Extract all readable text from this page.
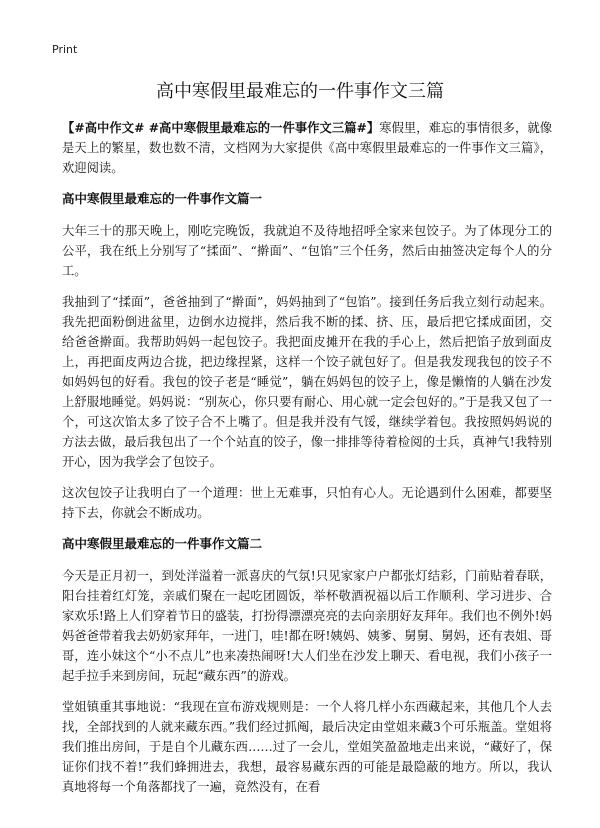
Print
高中寒假里最难忘的一件事作文三篇

【#高中作文# #高中寒假里最难忘的一件事作文三篇#】寒假里，难忘的事情很多，就像是天上的繁星，数也数不清，文档网为大家提供《高中寒假里最难忘的一件事作文三篇》，欢迎阅读。

高中寒假里最难忘的一件事作文篇一

大年三十的那天晚上，刚吃完晚饭，我就迫不及待地招呼全家来包饺子。为了体现分工的公平，我在纸上分别写了“揉面”、“擀面”、“包馅”三个任务，然后由抽签决定每个人的分工。

我抽到了“揉面”，爸爸抽到了“擀面”，妈妈抽到了“包馅”。接到任务后我立刻行动起来。我先把面粉倒进盆里，边倒水边搅拌，然后我不断的揉、挤、压，最后把它揉成面团，交给爸爸擀面。我帮助妈妈一起包饺子。我把面皮摊开在我的手心上，然后把馅子放到面皮上，再把面皮两边合拢，把边缘捏紧，这样一个饺子就包好了。但是我发现我包的饺子不如妈妈包的好看。我包的饺子老是“睡觉”，躺在妈妈包的饺子上，像是懒惰的人躺在沙发上舒服地睡觉。妈妈说：“别灰心，你只要有耐心、用心就一定会包好的。”于是我又包了一个，可这次馅太多了饺子合不上嘴了。但是我并没有气馁，继续学着包。我按照妈妈说的方法去做，最后我包出了一个个站直的饺子，像一排排等待着检阅的士兵，真神气!我特别开心，因为我学会了包饺子。

这次包饺子让我明白了一个道理：世上无难事，只怕有心人。无论遇到什么困难，都要坚持下去，你就会不断成功。

高中寒假里最难忘的一件事作文篇二

今天是正月初一，到处洋溢着一派喜庆的气氛!只见家家户户都张灯结彩，门前贴着春联，阳台挂着红灯笼，亲戚们聚在一起吃团圆饭，举杯敬酒祝福以后工作顺利、学习进步、合家欢乐!路上人们穿着节日的盛装，打扮得漂漂亮亮的去向亲朋好友拜年。我们也不例外!妈妈爸爸带着我去奶奶家拜年，一进门，哇!都在呀!姨妈、姨爹、舅舅、舅妈，还有表姐、哥哥，连小妹这个“小不点儿”也来凑热闹呀!大人们坐在沙发上聊天、看电视，我们小孩子一起手拉手来到房间，玩起“藏东西”的游戏。

堂姐镇重其事地说：“我现在宣布游戏规则是：一个人将几样小东西藏起来，其他几个人去找，全部找到的人就来藏东西。”我们经过抓阄，最后决定由堂姐来藏3个可乐瓶盖。堂姐将我们推出房间，于是自个儿藏东西……过了一会儿，堂姐笑盈盈地走出来说，“藏好了，保证你们找不着!”我们蜂拥进去，我想，最容易藏东西的可能是最隐蔽的地方。所以，我认真地将每一个角落都找了一遍，竟然没有，在看
